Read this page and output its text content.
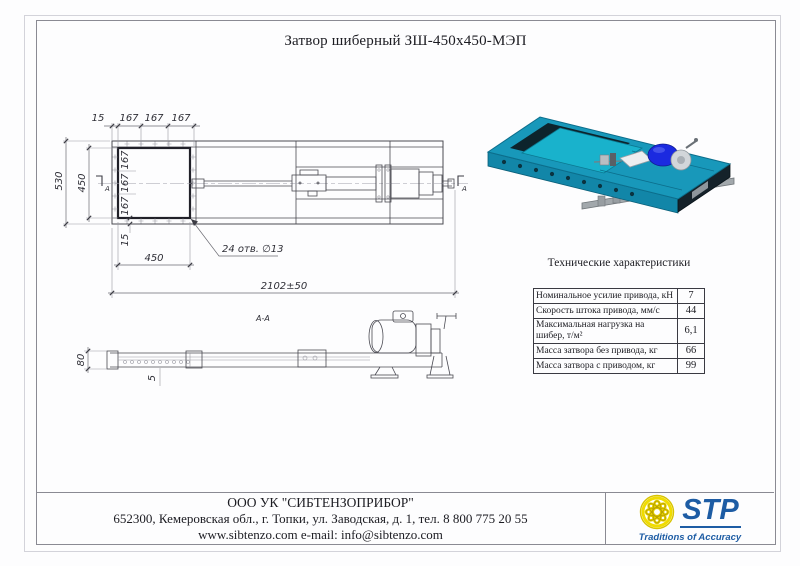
Затвор шиберный ЗШ-450х450-МЭП
15 167 167 167
530 450
167
167
167
15
450
24 отв. ∅13
2102±50
А	А
А-А
80
5
Технические характеристики
Номинальное усилие привода, кН	7
Скорость штока привода, мм/с	44
Максимальная нагрузка на шибер, т/м²	6,1
Масса затвора без привода, кг	66
Масса затвора с приводом, кг	99
ООО УК "СИБТЕНЗОПРИБОР"
652300, Кемеровская обл., г. Топки, ул. Заводская, д. 1, тел. 8 800 775 20 55
www.sibtenzo.com e-mail: info@sibtenzo.com
STP
Traditions of Accuracy
